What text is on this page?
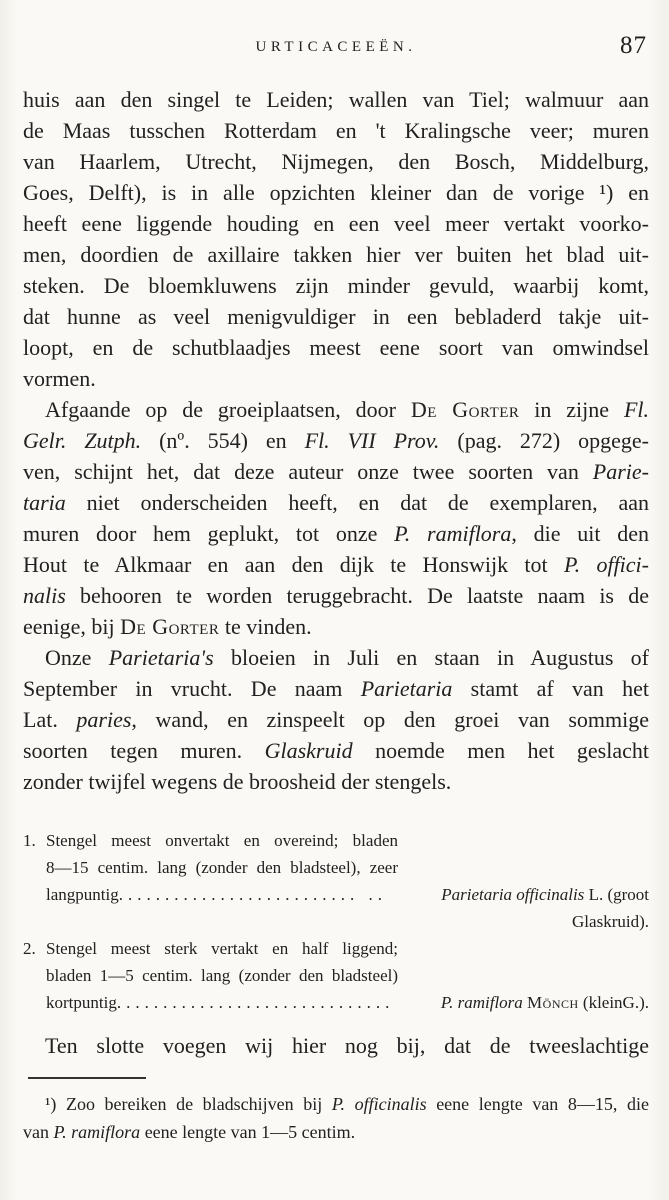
URTICACEEËN.	87
huis aan den singel te Leiden; wallen van Tiel; walmuur aan
de Maas tusschen Rotterdam en 't Kralingsche veer; muren
van Haarlem, Utrecht, Nijmegen, den Bosch, Middelburg,
Goes, Delft), is in alle opzichten kleiner dan de vorige ¹) en
heeft eene liggende houding en een veel meer vertakt voorko-
men, doordien de axillaire takken hier ver buiten het blad uit-
steken. De bloemkluwens zijn minder gevuld, waarbij komt,
dat hunne as veel menigvuldiger in een bebladerd takje uit-
loopt, en de schutblaadjes meest eene soort van omwindsel
vormen.
Afgaande op de groeiplaatsen, door De Gorter in zijne Fl.
Gelr. Zutph. (nº. 554) en Fl. VII Prov. (pag. 272) opgege-
ven, schijnt het, dat deze auteur onze twee soorten van Parie-
taria niet onderscheiden heeft, en dat de exemplaren, aan
muren door hem geplukt, tot onze P. ramiflora, die uit den
Hout te Alkmaar en aan den dijk te Honswijk tot P. offici-
nalis behooren te worden teruggebracht. De laatste naam is de
eenige, bij De Gorter te vinden.
Onze Parietaria's bloeien in Juli en staan in Augustus of
September in vrucht. De naam Parietaria stamt af van het
Lat. paries, wand, en zinspeelt op den groei van sommige
soorten tegen muren. Glaskruid noemde men het geslacht
zonder twijfel wegens de broosheid der stengels.
1. Stengel meest onvertakt en overeind; bladen
8—15 centim. lang (zonder den bladsteel), zeer
langpuntig .......................... ..	Parietaria officinalis L. (groot
Glaskruid).
2. Stengel meest sterk vertakt en half liggend;
bladen 1—5 centim. lang (zonder den bladsteel)
kortpuntig ..............................	P. ramiflora Mönch (kleinG.).
Ten slotte voegen wij hier nog bij, dat de tweeslachtige
¹) Zoo bereiken de bladschijven bij P. officinalis eene lengte van 8—15, die
van P. ramiflora eene lengte van 1—5 centim.
